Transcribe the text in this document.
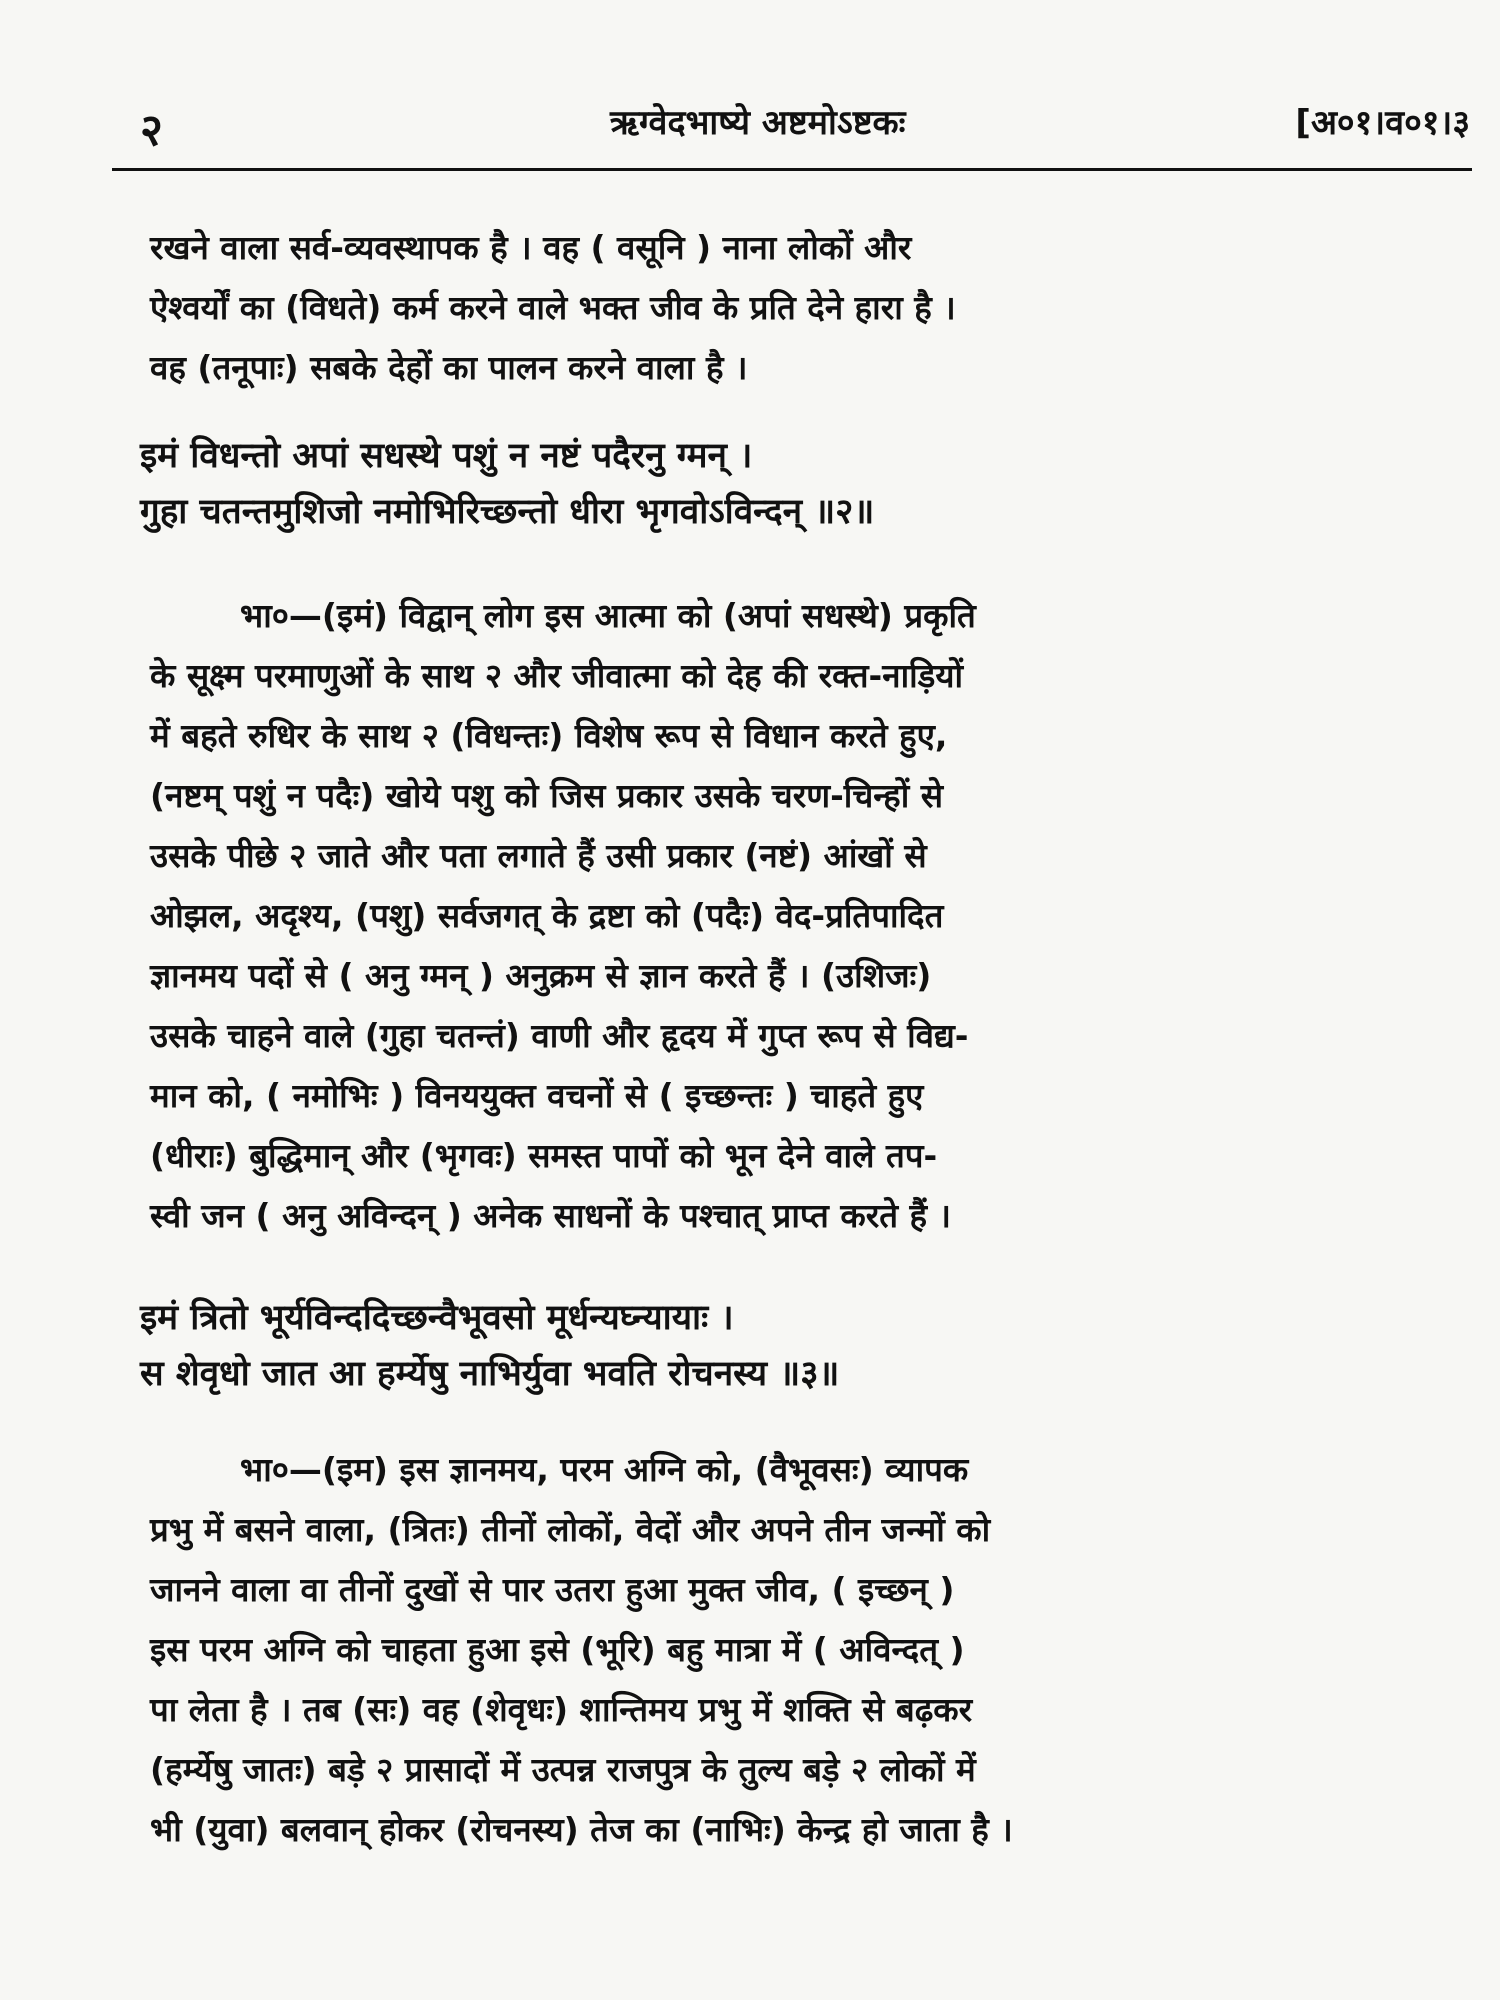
२	ऋग्वेदभाष्ये अष्टमोऽष्टकः	[अ०१।व०१।३
रखने वाला सर्व-व्यवस्थापक है । वह ( वसूनि ) नाना लोकों और
ऐश्वर्यों का (विधते) कर्म करने वाले भक्त जीव के प्रति देने हारा है ।
वह (तनूपाः) सबके देहों का पालन करने वाला है ।
इमं विधन्तो अपां सधस्थे पशुं न नष्टं पदैरनु ग्मन् ।
गुहा चतन्तमुशिजो नमोभिरिच्छन्तो धीरा भृगवोऽविन्दन् ॥२॥
भा०—(इमं) विद्वान् लोग इस आत्मा को (अपां सधस्थे) प्रकृति
के सूक्ष्म परमाणुओं के साथ २ और जीवात्मा को देह की रक्त-नाड़ियों
में बहते रुधिर के साथ २ (विधन्तः) विशेष रूप से विधान करते हुए,
(नष्टम् पशुं न पदैः) खोये पशु को जिस प्रकार उसके चरण-चिन्हों से
उसके पीछे २ जाते और पता लगाते हैं उसी प्रकार (नष्टं) आंखों से
ओझल, अदृश्य, (पशु) सर्वजगत् के द्रष्टा को (पदैः) वेद-प्रतिपादित
ज्ञानमय पदों से ( अनु ग्मन् ) अनुक्रम से ज्ञान करते हैं । (उशिजः)
उसके चाहने वाले (गुहा चतन्तं) वाणी और हृदय में गुप्त रूप से विद्य-
मान को, ( नमोभिः ) विनययुक्त वचनों से ( इच्छन्तः ) चाहते हुए
(धीराः) बुद्धिमान् और (भृगवः) समस्त पापों को भून देने वाले तप-
स्वी जन ( अनु अविन्दन् ) अनेक साधनों के पश्चात् प्राप्त करते हैं ।
इमं त्रितो भूर्यविन्ददिच्छन्वैभूवसो मूर्धन्यघ्न्यायाः ।
स शेवृधो जात आ हर्म्येषु नाभिर्युवा भवति रोचनस्य ॥३॥
भा०—(इम) इस ज्ञानमय, परम अग्नि को, (वैभूवसः) व्यापक
प्रभु में बसने वाला, (त्रितः) तीनों लोकों, वेदों और अपने तीन जन्मों को
जानने वाला वा तीनों दुखों से पार उतरा हुआ मुक्त जीव, ( इच्छन् )
इस परम अग्नि को चाहता हुआ इसे (भूरि) बहु मात्रा में ( अविन्दत् )
पा लेता है । तब (सः) वह (शेवृधः) शान्तिमय प्रभु में शक्ति से बढ़कर
(हर्म्येषु जातः) बड़े २ प्रासादों में उत्पन्न राजपुत्र के तुल्य बड़े २ लोकों में
भी (युवा) बलवान् होकर (रोचनस्य) तेज का (नाभिः) केन्द्र हो जाता है ।
